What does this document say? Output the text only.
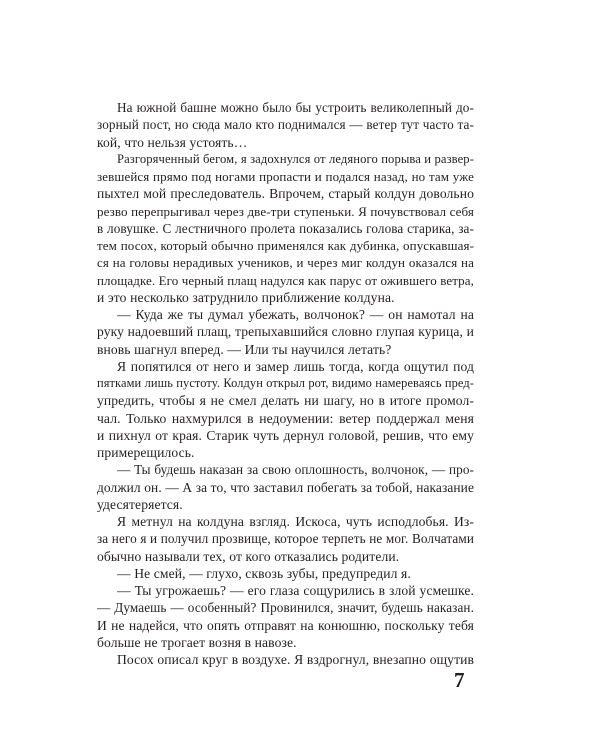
На южной башне можно было бы устроить великолепный до-
зорный пост, но сюда мало кто поднимался — ветер тут часто та-
кой, что нельзя устоять…
Разгоряченный бегом, я задохнулся от ледяного порыва и развер-
зевшейся прямо под ногами пропасти и подался назад, но там уже
пыхтел мой преследователь. Впрочем, старый колдун довольно
резво перепрыгивал через две-три ступеньки. Я почувствовал себя
в ловушке. С лестничного пролета показались голова старика, за-
тем посох, который обычно применялся как дубинка, опускавшая-
ся на головы нерадивых учеников, и через миг колдун оказался на
площадке. Его черный плащ надулся как парус от ожившего ветра,
и это несколько затруднило приближение колдуна.
— Куда же ты думал убежать, волчонок? — он намотал на
руку надоевший плащ, трепыхавшийся словно глупая курица, и
вновь шагнул вперед. — Или ты научился летать?
Я попятился от него и замер лишь тогда, когда ощутил под
пятками лишь пустоту. Колдун открыл рот, видимо намереваясь пред-
упредить, чтобы я не смел делать ни шагу, но в итоге промол-
чал. Только нахмурился в недоумении: ветер поддержал меня
и пихнул от края. Старик чуть дернул головой, решив, что ему
примерещилось.
— Ты будешь наказан за свою оплошность, волчонок, — про-
должил он. — А за то, что заставил побегать за тобой, наказание
удесятеряется.
Я метнул на колдуна взгляд. Искоса, чуть исподлобья. Из-
за него я и получил прозвище, которое терпеть не мог. Волчатами
обычно называли тех, от кого отказались родители.
— Не смей, — глухо, сквозь зубы, предупредил я.
— Ты угрожаешь? — его глаза сощурились в злой усмешке.
— Думаешь — особенный? Провинился, значит, будешь наказан.
И не надейся, что опять отправят на конюшню, поскольку тебя
больше не трогает возня в навозе.
Посох описал круг в воздухе. Я вздрогнул, внезапно ощутив
7
